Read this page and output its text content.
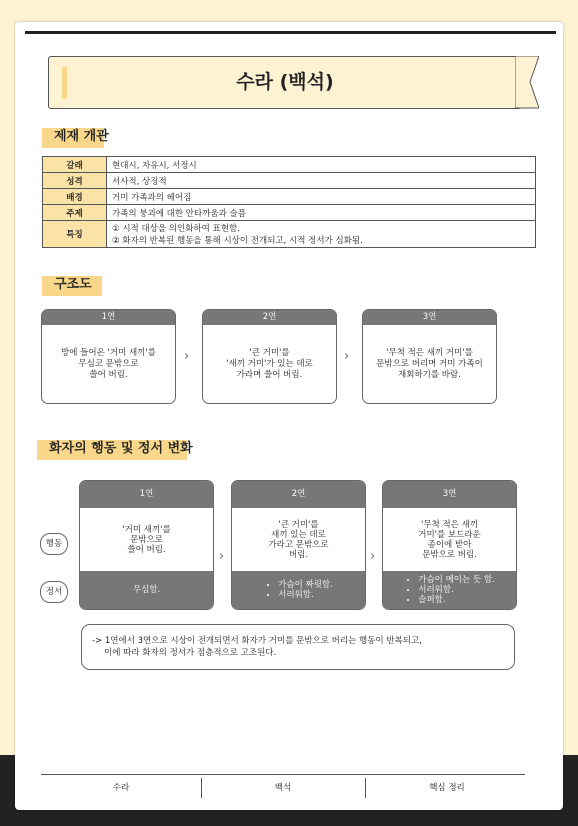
수라 (백석)
제재 개관
갈래	현대시, 자유시, 서정시
성격	서사적, 상징적
배경	거미 가족과의 헤어짐
주제	가족의 붕괴에 대한 안타까움과 슬픔
특징	① 시적 대상을 의인화하여 표현함.
② 화자의 반복된 행동을 통해 시상이 전개되고, 시적 정서가 심화됨.
구조도
1연
방에 들어온 '거미 새끼'를
무심코 문밖으로
쓸어 버림.
›
2연
'큰 거미'를
'새끼 거미'가 있는 데로
가라며 쓸어 버림.
›
3연
'무척 적은 새끼 거미'를
문밖으로 버리며 거미 가족이
재회하기를 바람.
화자의 행동 및 정서 변화
행동
정서
1연
'거미 새끼'를
문밖으로
쓸어 버림.
무심함.
›
2연
'큰 거미'를
새끼 있는 데로
가라고 문밖으로
버림.
• 가슴이 짜릿함.
• 서러워함.
›
3연
'무척 적은 새끼
거미'를 보드라운
종이에 받아
문밖으로 버림.
• 가슴이 메이는 듯 함.
• 서러워함.
• 슬퍼함.
-> 1연에서 3연으로 시상이 전개되면서 화자가 거미를 문밖으로 버리는 행동이 반복되고,
이에 따라 화자의 정서가 점층적으로 고조된다.
수라	백석	핵심 정리
